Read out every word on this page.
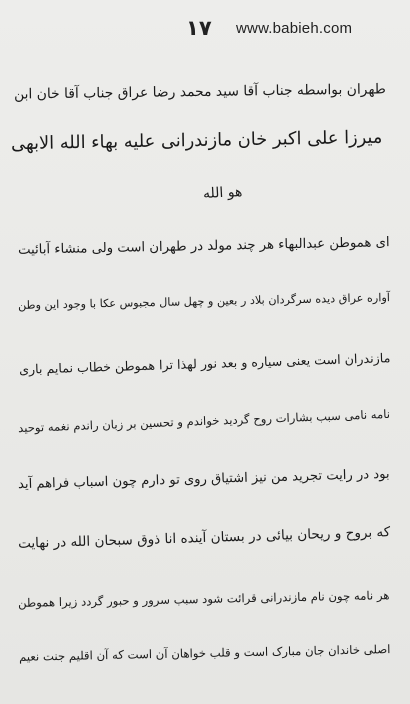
١٧ www.babieh.com
طهران بواسطه جناب آقا سید محمد رضا عراق جناب آقا خان ابن
میرزا علی اکبر خان مازندرانی علیه بهاء الله الابهی
هو الله
ای هموطن عبدالبهاء هر چند مولد در طهران است ولی منشاء آبائیت
آواره عراق دیده سرگردان بلاد ر بعین و چهل سال مجبوس عکا با وجود این وطن
مازندران است یعنی سیاره و بعد نور لهذا ترا هموطن خطاب نمایم باری
نامه نامی سبب بشارات روح گردید خواندم و تحسین بر زبان راندم نغمه توحید
بود در رایت تجرید من نیز اشتیاق روی تو دارم چون اسباب فراهم آید
که بروح و ریحان بیائی در بستان آینده انا ذوق سبحان الله در نهایت
هر نامه چون نام مازندرانی قرائت شود سبب سرور و حبور گردد زیرا هموطن
اصلی خاندان جان مبارک است و قلب خواهان آن است که آن اقلیم جنت نعیم
